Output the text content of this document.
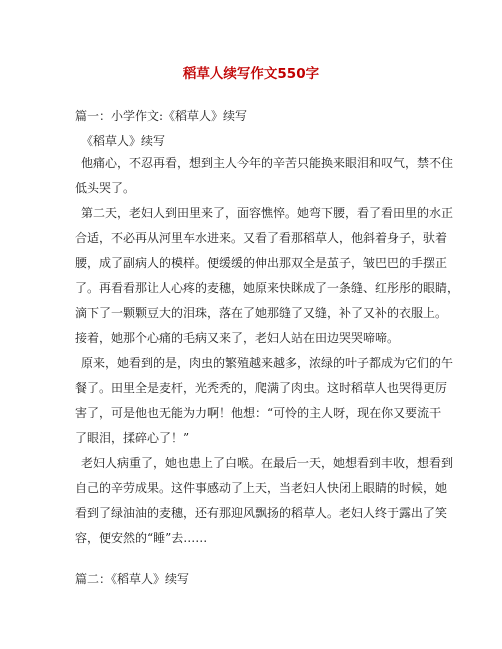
稻草人续写作文550字
篇一：小学作文:《稻草人》续写
《稻草人》续写
他痛心，不忍再看，想到主人今年的辛苦只能换来眼泪和叹气，禁不住
低头哭了。
第二天，老妇人到田里来了，面容憔悴。她弯下腰，看了看田里的水正
合适，不必再从河里车水进来。又看了看那稻草人，他斜着身子，驮着
腰，成了副病人的模样。便缓缓的伸出那双全是茧子，皱巴巴的手摆正
了。再看看那让人心疼的麦穗，她原来快眯成了一条缝、红彤彤的眼睛，
滴下了一颗颗豆大的泪珠，落在了她那缝了又缝，补了又补的衣服上。
接着，她那个心痛的毛病又来了，老妇人站在田边哭哭啼啼。
原来，她看到的是，肉虫的繁殖越来越多，浓绿的叶子都成为它们的午
餐了。田里全是麦杆，光秃秃的，爬满了肉虫。这时稻草人也哭得更厉
害了，可是他也无能为力啊！他想：“可怜的主人呀，现在你又要流干
了眼泪，揉碎心了！”
老妇人病重了，她也患上了白喉。在最后一天，她想看到丰收，想看到
自己的辛劳成果。这件事感动了上天，当老妇人快闭上眼睛的时候，她
看到了绿油油的麦穗，还有那迎风飘扬的稻草人。老妇人终于露出了笑
容，便安然的“睡”去……
篇二：《稻草人》续写
